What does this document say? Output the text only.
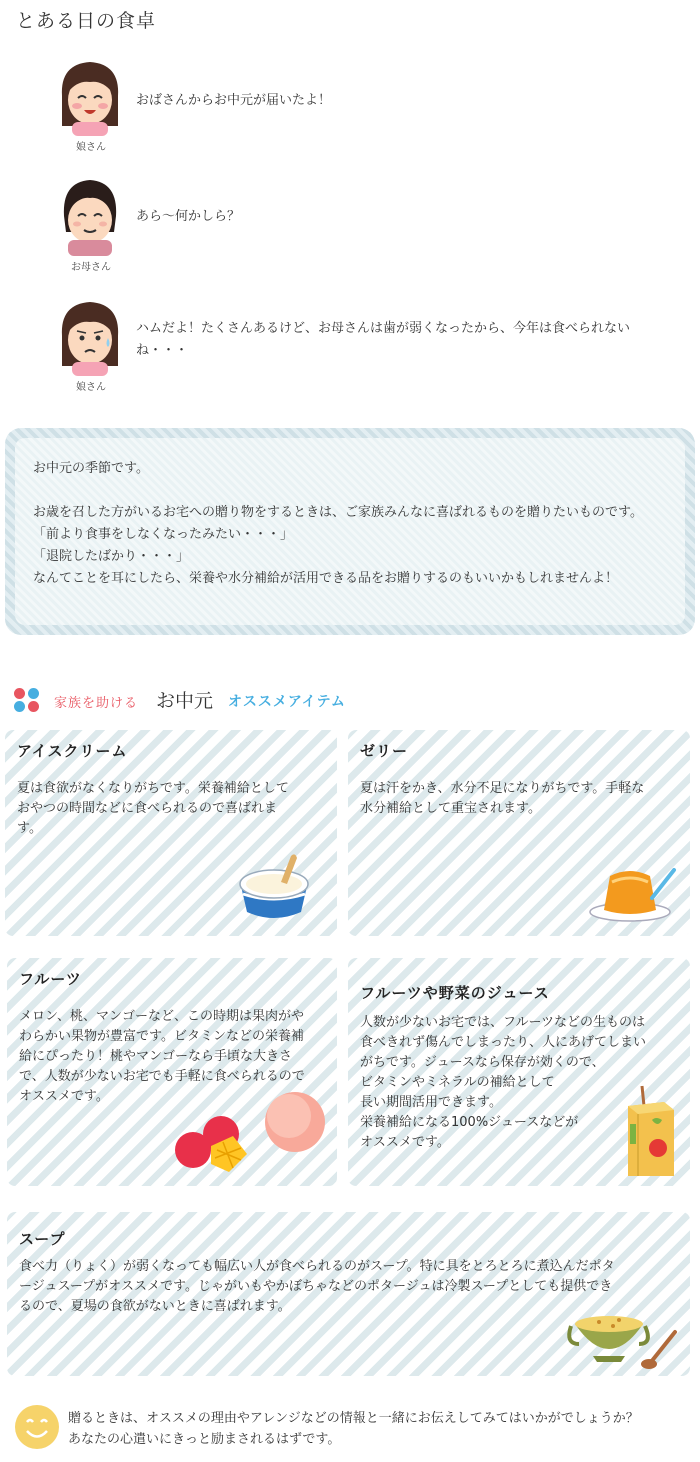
とある日の食卓
娘さん
おばさんからお中元が届いたよ！
お母さん
あら～何かしら？
娘さん
ハムだよ！たくさんあるけど、お母さんは歯が弱くなったから、今年は食べられないね・・・

お中元の季節です。

お歳を召した方がいるお宅への贈り物をするときは、ご家族みんなに喜ばれるものを贈りたいものです。

「前より食事をしなくなったみたい・・・」

「退院したばかり・・・」

なんてことを耳にしたら、栄養や水分補給が活用できる品をお贈りするのもいいかもしれませんよ！

家族を助ける お中元 オススメアイテム
アイスクリーム

夏は食欲がなくなりがちです。栄養補給として

おやつの時間などに食べられるので喜ばれま

す。

ゼリー

夏は汗をかき、水分不足になりがちです。手軽な

水分補給として重宝されます。

フルーツ

メロン、桃、マンゴーなど、この時期は果肉がや

わらかい果物が豊富です。ビタミンなどの栄養補

給にぴったり！桃やマンゴーなら手頃な大きさ

で、人数が少ないお宅でも手軽に食べられるので

オススメです。

フルーツや野菜のジュース

人数が少ないお宅では、フルーツなどの生ものは

食べきれず傷んでしまったり、人にあげてしまい

がちです。ジュースなら保存が効くので、

ビタミンやミネラルの補給として

長い期間活用できます。

栄養補給になる100%ジュースなどが

オススメです。

スープ

食べ力（りょく）が弱くなっても幅広い人が食べられるのがスープ。特に具をとろとろに煮込んだポタ

ージュスープがオススメです。じゃがいもやかぼちゃなどのポタージュは冷製スープとしても提供でき

るので、夏場の食欲がないときに喜ばれます。

贈るときは、オススメの理由やアレンジなどの情報と一緒にお伝えしてみてはいかがでしょうか？
あなたの心遣いにきっと励まされるはずです。
